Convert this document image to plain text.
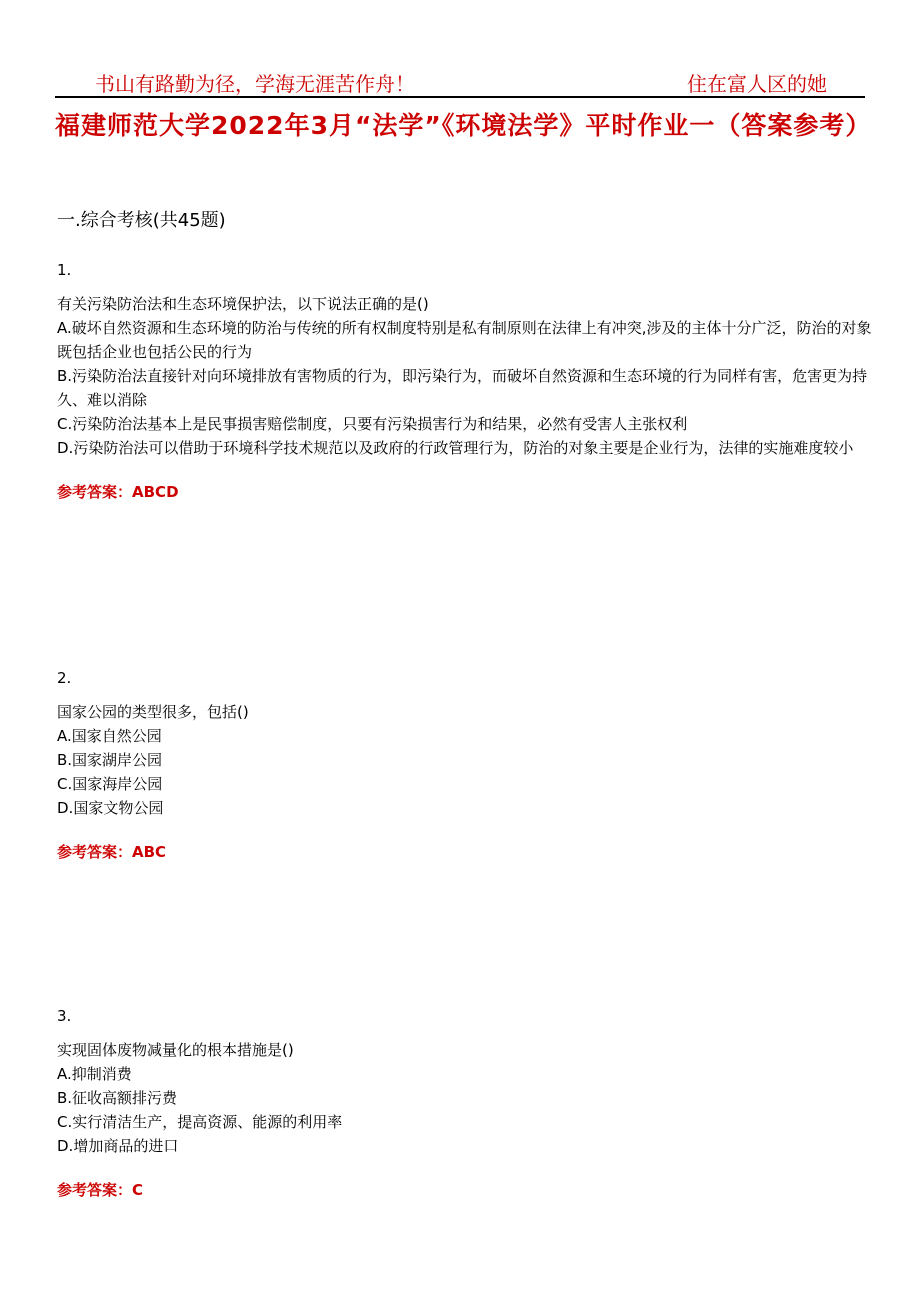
书山有路勤为径，学海无涯苦作舟！	住在富人区的她
福建师范大学2022年3月“法学”《环境法学》平时作业一（答案参考）
一.综合考核(共45题)
1.
有关污染防治法和生态环境保护法，以下说法正确的是()
A.破坏自然资源和生态环境的防治与传统的所有权制度特别是私有制原则在法律上有冲突,涉及的主体十分广泛，防治的对象既包括企业也包括公民的行为
B.污染防治法直接针对向环境排放有害物质的行为，即污染行为，而破坏自然资源和生态环境的行为同样有害，危害更为持久、难以消除
C.污染防治法基本上是民事损害赔偿制度，只要有污染损害行为和结果，必然有受害人主张权利
D.污染防治法可以借助于环境科学技术规范以及政府的行政管理行为，防治的对象主要是企业行为，法律的实施难度较小
参考答案：ABCD
2.
国家公园的类型很多，包括()
A.国家自然公园
B.国家湖岸公园
C.国家海岸公园
D.国家文物公园
参考答案：ABC
3.
实现固体废物减量化的根本措施是()
A.抑制消费
B.征收高额排污费
C.实行清洁生产，提高资源、能源的利用率
D.增加商品的进口
参考答案：C
